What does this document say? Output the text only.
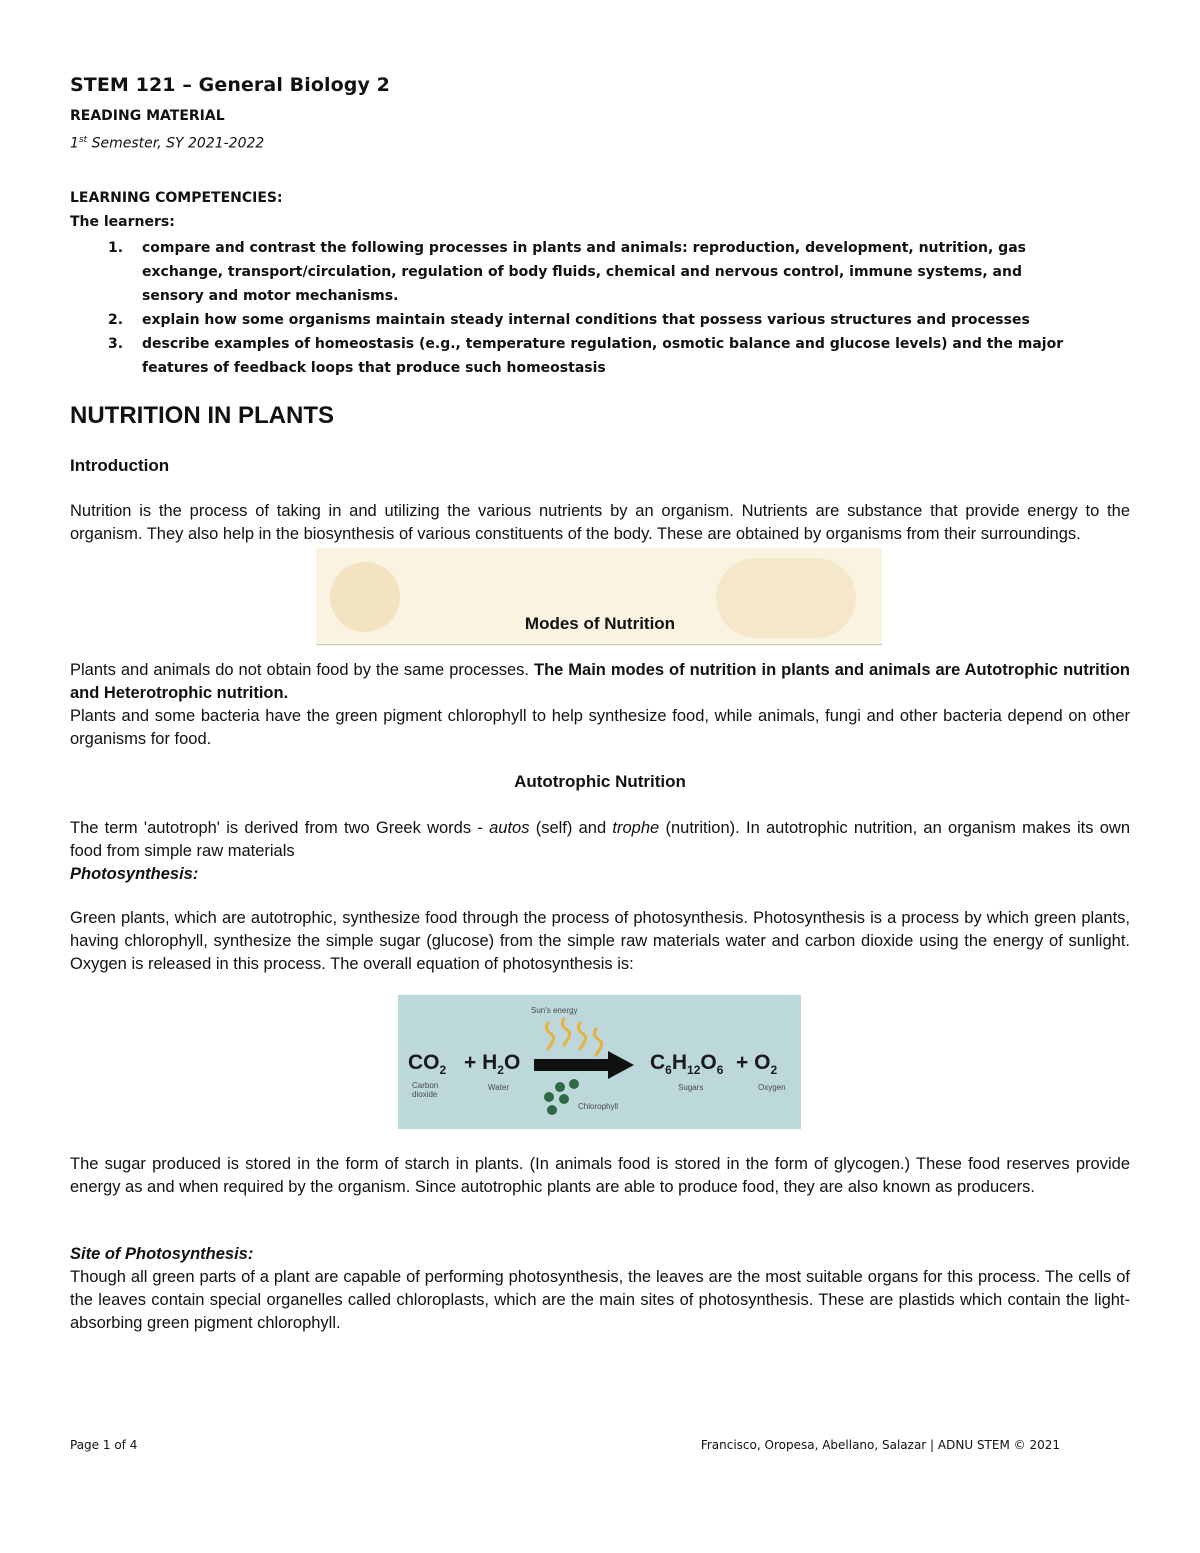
STEM 121 – General Biology 2
READING MATERIAL
1st Semester, SY 2021-2022
LEARNING COMPETENCIES:
The learners:
1. compare and contrast the following processes in plants and animals: reproduction, development, nutrition, gas exchange, transport/circulation, regulation of body fluids, chemical and nervous control, immune systems, and sensory and motor mechanisms.
2. explain how some organisms maintain steady internal conditions that possess various structures and processes
3. describe examples of homeostasis (e.g., temperature regulation, osmotic balance and glucose levels) and the major features of feedback loops that produce such homeostasis
NUTRITION IN PLANTS
Introduction
Nutrition is the process of taking in and utilizing the various nutrients by an organism. Nutrients are substance that provide energy to the organism. They also help in the biosynthesis of various constituents of the body. These are obtained by organisms from their surroundings.
Modes of Nutrition
Plants and animals do not obtain food by the same processes. The Main modes of nutrition in plants and animals are Autotrophic nutrition and Heterotrophic nutrition.
Plants and some bacteria have the green pigment chlorophyll to help synthesize food, while animals, fungi and other bacteria depend on other organisms for food.
Autotrophic Nutrition
The term 'autotroph' is derived from two Greek words - autos (self) and trophe (nutrition). In autotrophic nutrition, an organism makes its own food from simple raw materials
Photosynthesis:
Green plants, which are autotrophic, synthesize food through the process of photosynthesis. Photosynthesis is a process by which green plants, having chlorophyll, synthesize the simple sugar (glucose) from the simple raw materials water and carbon dioxide using the energy of sunlight. Oxygen is released in this process. The overall equation of photosynthesis is:
Sun's energy
$CO_2$
Carbon
dioxide
+ $H_2O$
Water
Chlorophyll
$C_6H_{12}O_6$
Sugars
+ $O_2$
Oxygen
The sugar produced is stored in the form of starch in plants. (In animals food is stored in the form of glycogen.) These food reserves provide energy as and when required by the organism. Since autotrophic plants are able to produce food, they are also known as producers.
Site of Photosynthesis:
Though all green parts of a plant are capable of performing photosynthesis, the leaves are the most suitable organs for this process. The cells of the leaves contain special organelles called chloroplasts, which are the main sites of photosynthesis. These are plastids which contain the light-absorbing green pigment chlorophyll.
Page 1 of 4	Francisco, Oropesa, Abellano, Salazar | ADNU STEM © 2021
